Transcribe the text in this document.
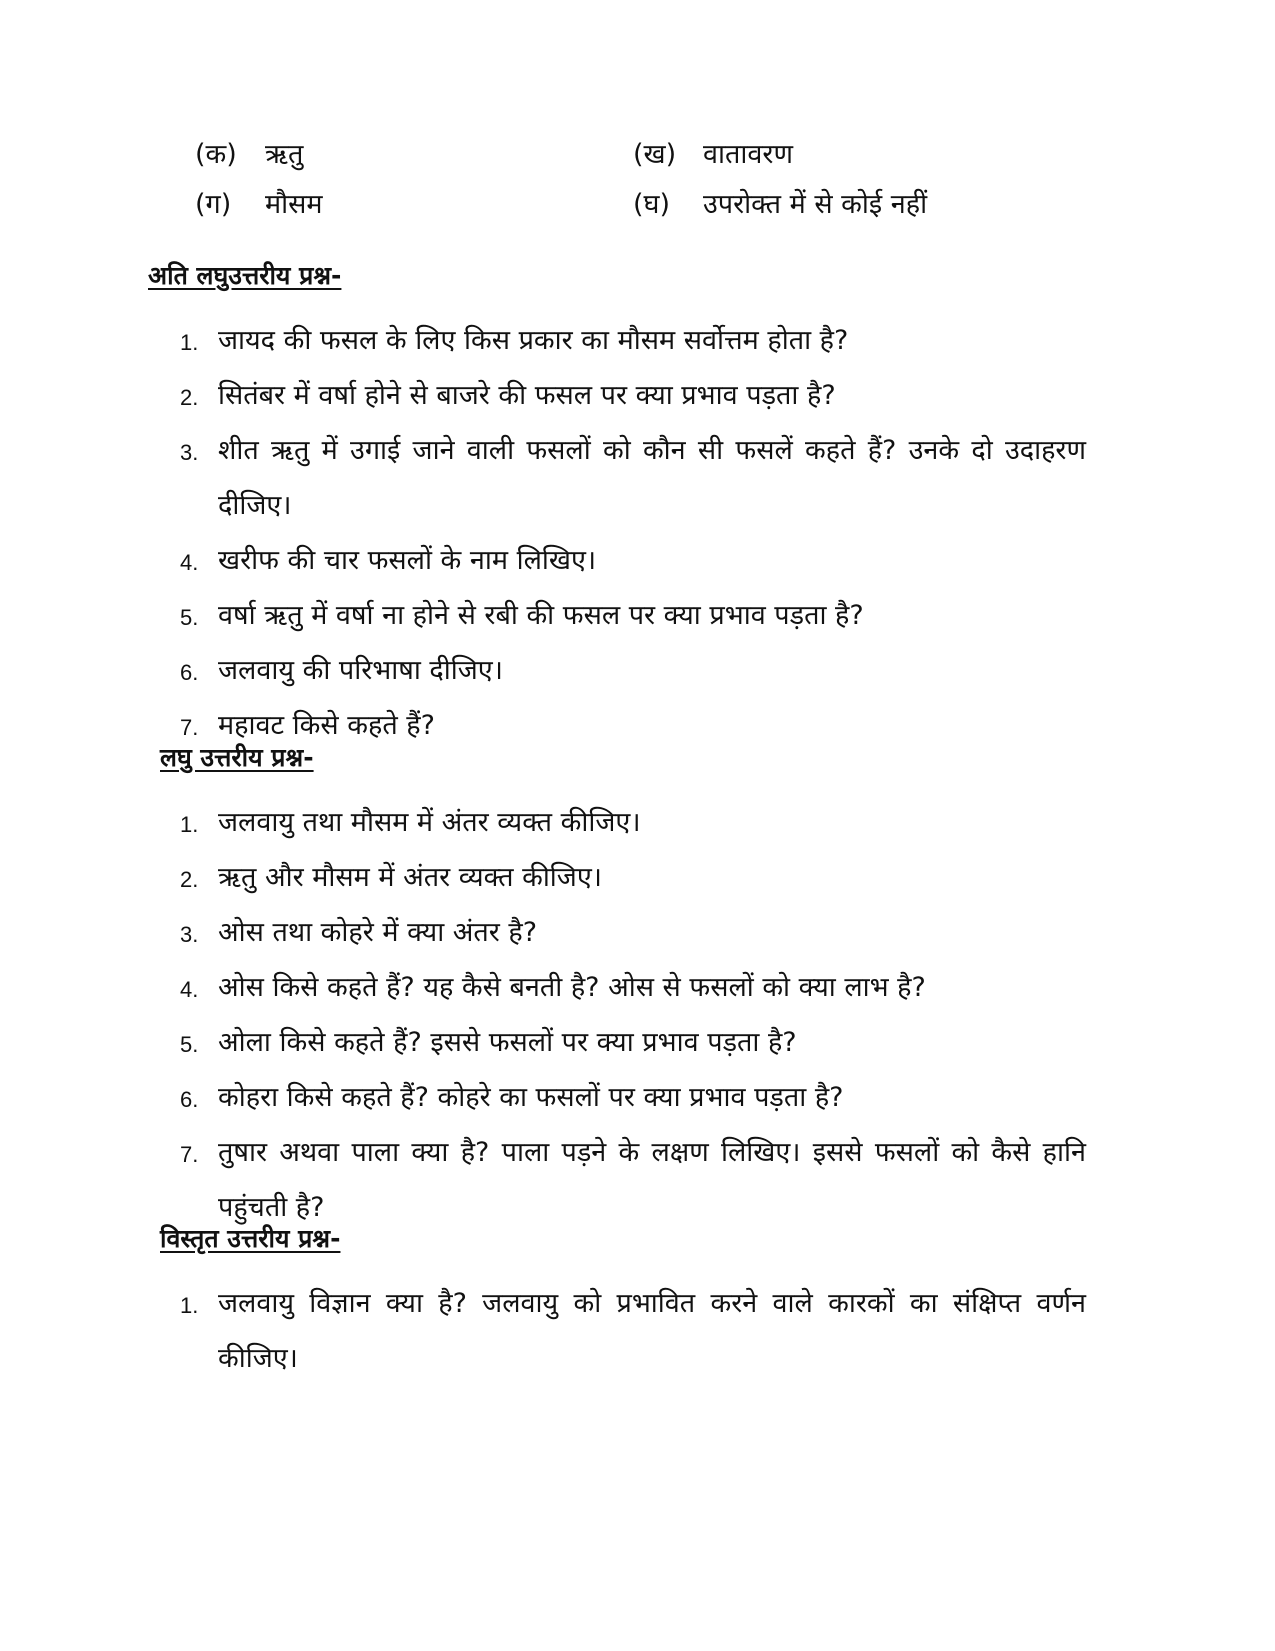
(क)	ऋतु	(ख) वातावरण
(ग)	मौसम	(घ)	उपरोक्त में से कोई नहीं
अति लघुउत्तरीय प्रश्न-
1. जायद की फसल के लिए किस प्रकार का मौसम सर्वोत्तम होता है?
2. सितंबर में वर्षा होने से बाजरे की फसल पर क्या प्रभाव पड़ता है?
3. शीत ऋतु में उगाई जाने वाली फसलों को कौन सी फसलें कहते हैं? उनके दो उदाहरण दीजिए।
4. खरीफ की चार फसलों के नाम लिखिए।
5. वर्षा ऋतु में वर्षा ना होने से रबी की फसल पर क्या प्रभाव पड़ता है?
6. जलवायु की परिभाषा दीजिए।
7. महावट किसे कहते हैं?
लघु उत्तरीय प्रश्न-
1. जलवायु तथा मौसम में अंतर व्यक्त कीजिए।
2. ऋतु और मौसम में अंतर व्यक्त कीजिए।
3. ओस तथा कोहरे में क्या अंतर है?
4. ओस किसे कहते हैं? यह कैसे बनती है? ओस से फसलों को क्या लाभ है?
5. ओला किसे कहते हैं? इससे फसलों पर क्या प्रभाव पड़ता है?
6. कोहरा किसे कहते हैं? कोहरे का फसलों पर क्या प्रभाव पड़ता है?
7. तुषार अथवा पाला क्या है? पाला पड़ने के लक्षण लिखिए। इससे फसलों को कैसे हानि पहुंचती है?
विस्तृत उत्तरीय प्रश्न-
1. जलवायु विज्ञान क्या है? जलवायु को प्रभावित करने वाले कारकों का संक्षिप्त वर्णन कीजिए।
